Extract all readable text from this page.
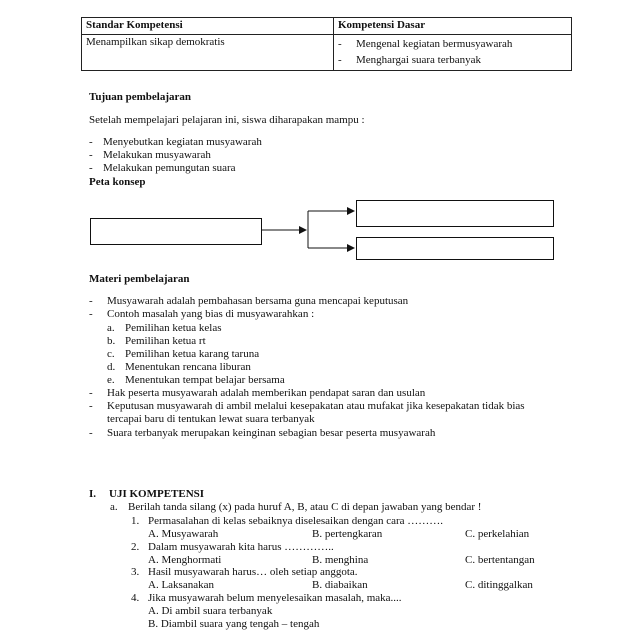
Standar Kompetensi	Kompetensi Dasar
Menampilkan sikap demokratis	- Mengenal kegiatan bermusyawarah
- Menghargai suara terbanyak
Tujuan pembelajaran
Setelah mempelajari pelajaran ini, siswa diharapakan mampu :
- Menyebutkan kegiatan musyawarah
- Melakukan musyawarah
- Melakukan pemungutan suara
Peta konsep
Materi pembelajaran
- Musyawarah adalah pembahasan bersama guna mencapai keputusan
- Contoh masalah yang bias di musyawarahkan :
a. Pemilihan ketua kelas
b. Pemilihan ketua rt
c. Pemilihan ketua karang taruna
d. Menentukan rencana liburan
e. Menentukan tempat belajar bersama
- Hak peserta musyawarah adalah memberikan pendapat saran dan usulan
- Keputusan musyawarah di ambil melalui kesepakatan atau mufakat jika kesepakatan tidak bias
tercapai baru di tentukan lewat suara terbanyak
- Suara terbanyak merupakan keinginan sebagian besar peserta musyawarah
I. UJI KOMPETENSI
a. Berilah tanda silang (x) pada huruf A, B, atau C di depan jawaban yang bendar !
1. Permasalahan di kelas sebaiknya diselesaikan dengan cara ……….
A. Musyawarah	B. pertengkaran	C. perkelahian
2. Dalam musyawarah kita harus …………..
A. Menghormati	B. menghina	C. bertentangan
3. Hasil musyawarah harus… oleh setiap anggota.
A. Laksanakan	B. diabaikan	C. ditinggalkan
4. Jika musyawarah belum menyelesaikan masalah, maka....
A. Di ambil suara terbanyak
B. Diambil suara yang tengah – tengah
